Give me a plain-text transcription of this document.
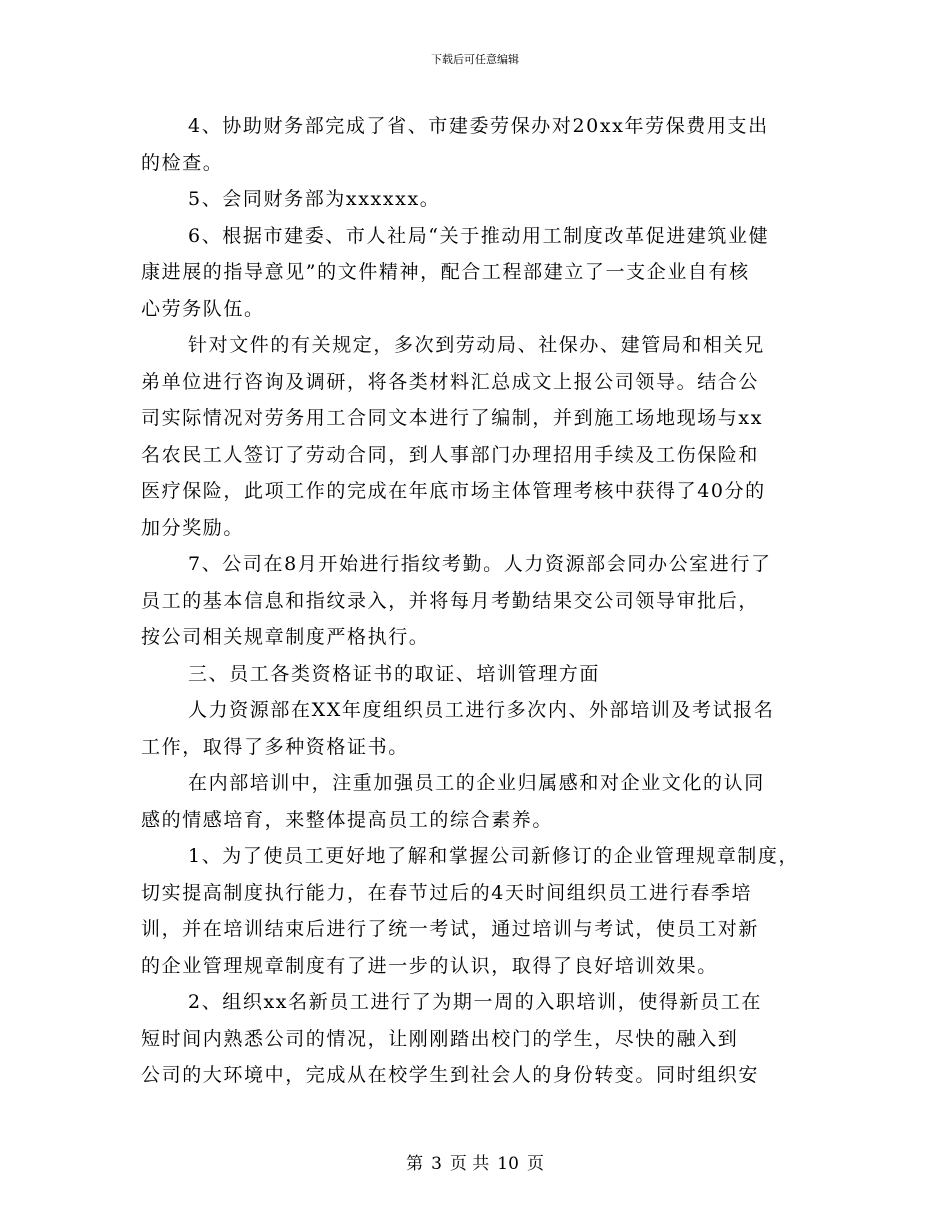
下载后可任意编辑
4、协助财务部完成了省、市建委劳保办对20xx年劳保费用支出
的检查。
5、会同财务部为xxxxxx。
6、根据市建委、市人社局“关于推动用工制度改革促进建筑业健
康进展的指导意见”的文件精神，配合工程部建立了一支企业自有核
心劳务队伍。
针对文件的有关规定，多次到劳动局、社保办、建管局和相关兄
弟单位进行咨询及调研，将各类材料汇总成文上报公司领导。结合公
司实际情况对劳务用工合同文本进行了编制，并到施工场地现场与xx
名农民工人签订了劳动合同，到人事部门办理招用手续及工伤保险和
医疗保险，此项工作的完成在年底市场主体管理考核中获得了40分的
加分奖励。
7、公司在8月开始进行指纹考勤。人力资源部会同办公室进行了
员工的基本信息和指纹录入，并将每月考勤结果交公司领导审批后，
按公司相关规章制度严格执行。
三、员工各类资格证书的取证、培训管理方面
人力资源部在XX年度组织员工进行多次内、外部培训及考试报名
工作，取得了多种资格证书。
在内部培训中，注重加强员工的企业归属感和对企业文化的认同
感的情感培育，来整体提高员工的综合素养。
1、为了使员工更好地了解和掌握公司新修订的企业管理规章制度，
切实提高制度执行能力，在春节过后的4天时间组织员工进行春季培
训，并在培训结束后进行了统一考试，通过培训与考试，使员工对新
的企业管理规章制度有了进一步的认识，取得了良好培训效果。
2、组织xx名新员工进行了为期一周的入职培训，使得新员工在
短时间内熟悉公司的情况，让刚刚踏出校门的学生，尽快的融入到
公司的大环境中，完成从在校学生到社会人的身份转变。同时组织安
第 3 页 共 10 页
